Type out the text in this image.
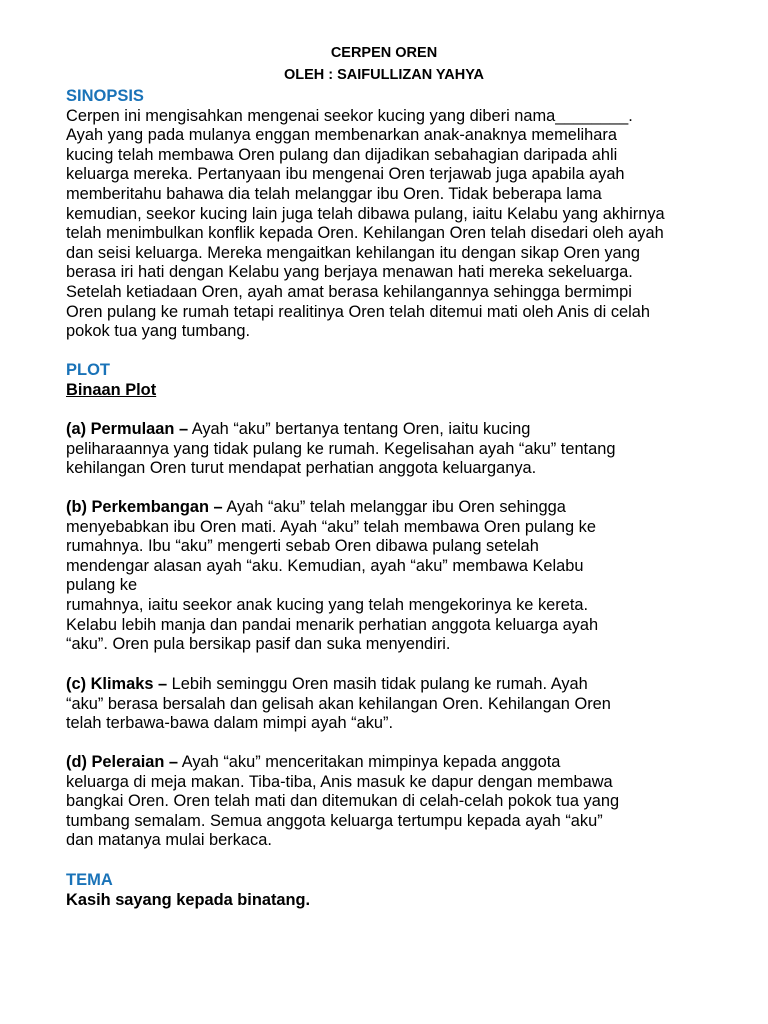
CERPEN OREN
OLEH : SAIFULLIZAN YAHYA
SINOPSIS
Cerpen ini mengisahkan mengenai seekor kucing yang diberi nama________.
Ayah yang pada mulanya enggan membenarkan anak-anaknya memelihara
kucing telah membawa Oren pulang dan dijadikan sebahagian daripada ahli
keluarga mereka. Pertanyaan ibu mengenai Oren terjawab juga apabila ayah
memberitahu bahawa dia telah melanggar ibu Oren. Tidak beberapa lama
kemudian, seekor kucing lain juga telah dibawa pulang, iaitu Kelabu yang akhirnya
telah menimbulkan konflik kepada Oren. Kehilangan Oren telah disedari oleh ayah
dan seisi keluarga. Mereka mengaitkan kehilangan itu dengan sikap Oren yang
berasa iri hati dengan Kelabu yang berjaya menawan hati mereka sekeluarga.
Setelah ketiadaan Oren, ayah amat berasa kehilangannya sehingga bermimpi
Oren pulang ke rumah tetapi realitinya Oren telah ditemui mati oleh Anis di celah
pokok tua yang tumbang.
PLOT
Binaan Plot
(a) Permulaan – Ayah “aku” bertanya tentang Oren, iaitu kucing
peliharaannya yang tidak pulang ke rumah. Kegelisahan ayah “aku” tentang
kehilangan Oren turut mendapat perhatian anggota keluarganya.
(b) Perkembangan – Ayah “aku” telah melanggar ibu Oren sehingga
menyebabkan ibu Oren mati. Ayah “aku” telah membawa Oren pulang ke
rumahnya. Ibu “aku” mengerti sebab Oren dibawa pulang setelah
mendengar alasan ayah “aku. Kemudian, ayah “aku” membawa Kelabu
pulang ke
rumahnya, iaitu seekor anak kucing yang telah mengekorinya ke kereta.
Kelabu lebih manja dan pandai menarik perhatian anggota keluarga ayah
“aku”. Oren pula bersikap pasif dan suka menyendiri.
(c) Klimaks – Lebih seminggu Oren masih tidak pulang ke rumah. Ayah
“aku” berasa bersalah dan gelisah akan kehilangan Oren. Kehilangan Oren
telah terbawa-bawa dalam mimpi ayah “aku”.
(d) Peleraian – Ayah “aku” menceritakan mimpinya kepada anggota
keluarga di meja makan. Tiba-tiba, Anis masuk ke dapur dengan membawa
bangkai Oren. Oren telah mati dan ditemukan di celah-celah pokok tua yang
tumbang semalam. Semua anggota keluarga tertumpu kepada ayah “aku”
dan matanya mulai berkaca.
TEMA
Kasih sayang kepada binatang.
